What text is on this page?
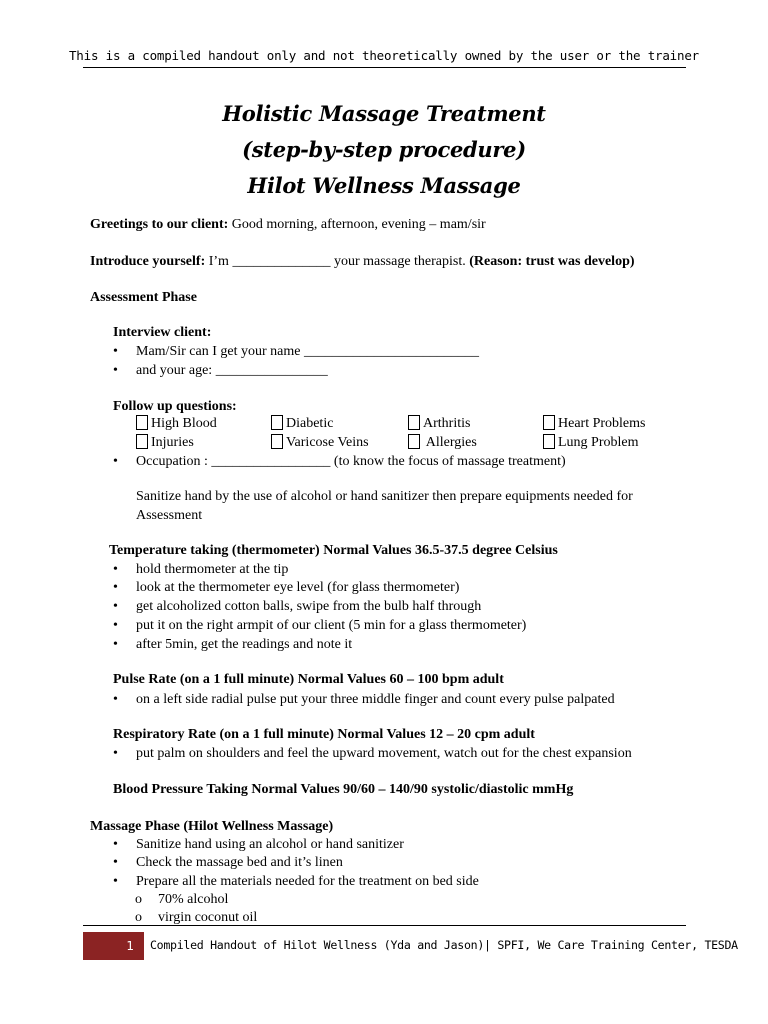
This is a compiled handout only and not theoretically owned by the user or the trainer
Holistic Massage Treatment
(step-by-step procedure)
Hilot Wellness Massage
Greetings to our client: Good morning, afternoon, evening – mam/sir
Introduce yourself: I’m ______________ your massage therapist. (Reason: trust was develop)
Assessment Phase
Interview client:
• Mam/Sir can I get your name _________________________
• and your age: ________________
Follow up questions:
High Blood	Diabetic	Arthritis	Heart Problems
Injuries	Varicose Veins	Allergies	Lung Problem
• Occupation : _________________ (to know the focus of massage treatment)
Sanitize hand by the use of alcohol or hand sanitizer then prepare equipments needed for
Assessment
Temperature taking (thermometer) Normal Values 36.5-37.5 degree Celsius
• hold thermometer at the tip
• look at the thermometer eye level (for glass thermometer)
• get alcoholized cotton balls, swipe from the bulb half through
• put it on the right armpit of our client (5 min for a glass thermometer)
• after 5min, get the readings and note it
Pulse Rate (on a 1 full minute) Normal Values 60 – 100 bpm adult
• on a left side radial pulse put your three middle finger and count every pulse palpated
Respiratory Rate (on a 1 full minute) Normal Values 12 – 20 cpm adult
• put palm on shoulders and feel the upward movement, watch out for the chest expansion
Blood Pressure Taking Normal Values 90/60 – 140/90 systolic/diastolic mmHg
Massage Phase (Hilot Wellness Massage)
• Sanitize hand using an alcohol or hand sanitizer
• Check the massage bed and it’s linen
• Prepare all the materials needed for the treatment on bed side
o 70% alcohol
o virgin coconut oil
1	Compiled Handout of Hilot Wellness (Yda and Jason)| SPFI, We Care Training Center, TESDA
